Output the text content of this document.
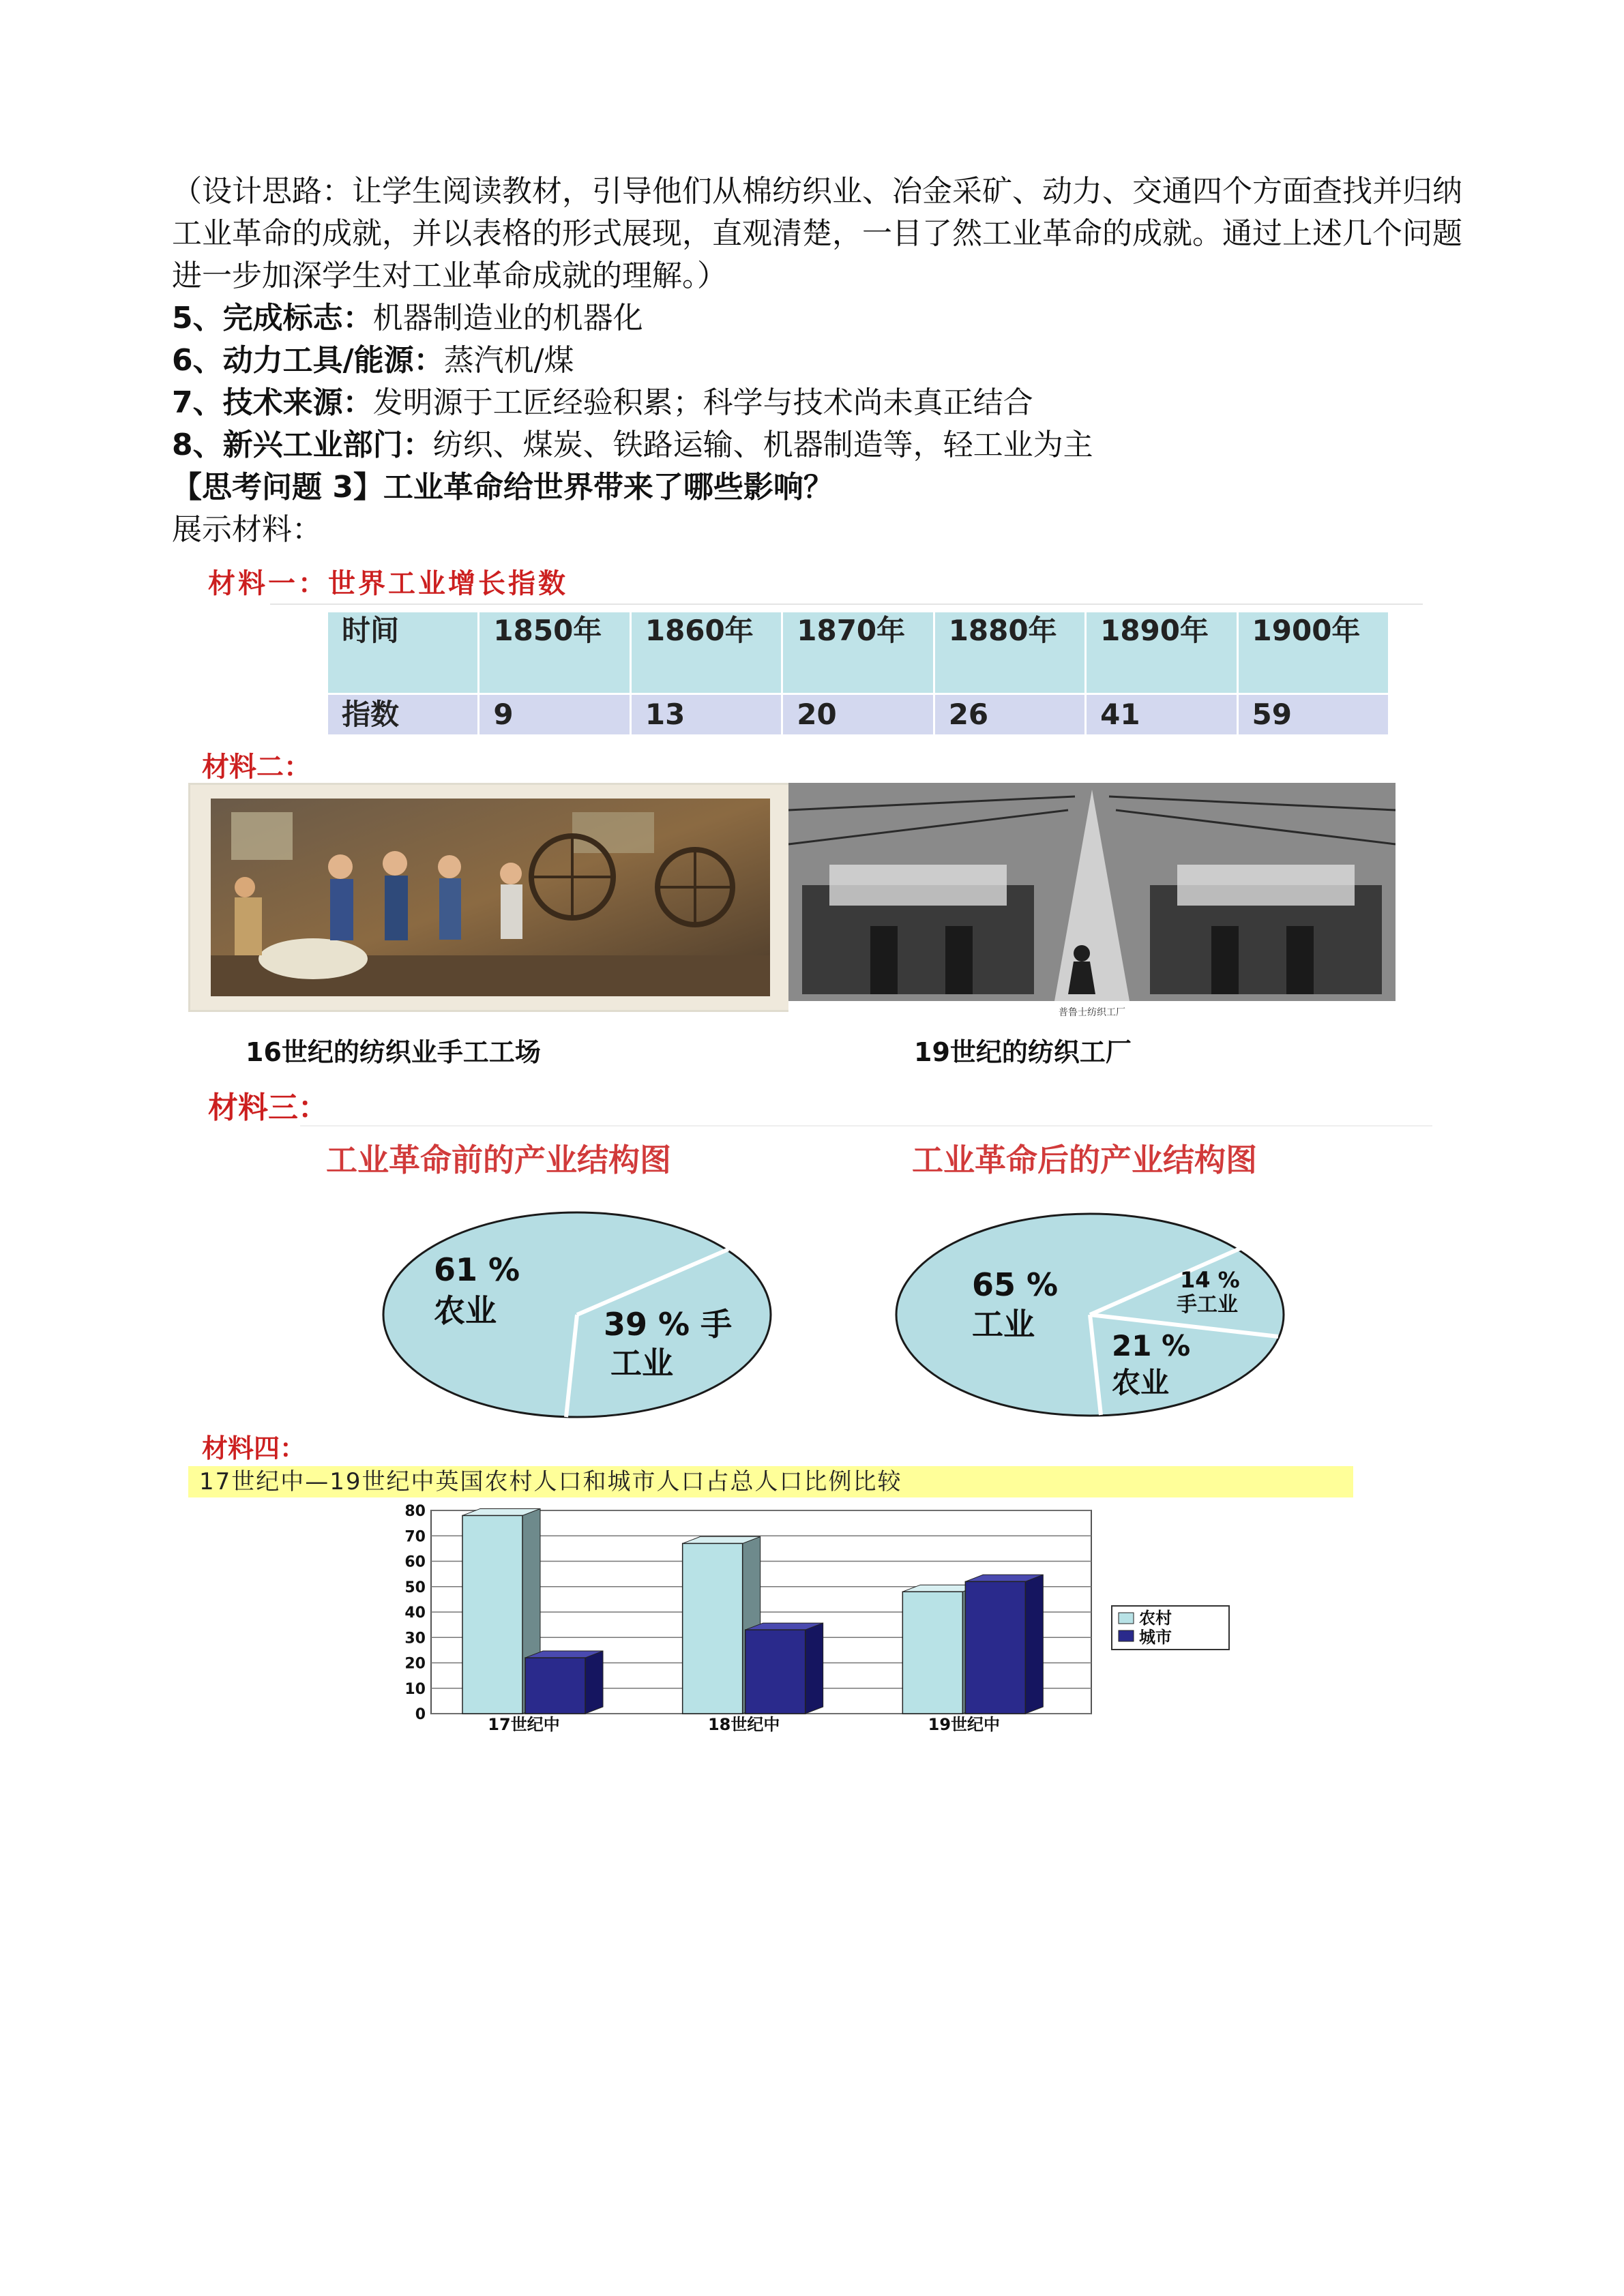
（设计思路：让学生阅读教材，引导他们从棉纺织业、冶金采矿、动力、交通四个方面查找并归纳工业革命的成就，并以表格的形式展现，直观清楚，一目了然工业革命的成就。通过上述几个问题进一步加深学生对工业革命成就的理解。）

5、完成标志：机器制造业的机器化

6、动力工具/能源：蒸汽机/煤

7、技术来源：发明源于工匠经验积累；科学与技术尚未真正结合

8、新兴工业部门：纺织、煤炭、铁路运输、机器制造等，轻工业为主

【思考问题 3】工业革命给世界带来了哪些影响？

展示材料：

材料一：世界工业增长指数
时间	1850年	1860年	1870年	1880年	1890年	1900年
指数	9	13	20	26	41	59
材料二：
普鲁士纺织工厂
16世纪的纺织业手工工场	19世纪的纺织工厂
材料三：
工业革命前的产业结构图	工业革命后的产业结构图
61 %
农业	39 % 手
工业
65 %
工业
14 %
手工业
21 %
农业
材料四：
17世纪中—19世纪中英国农村人口和城市人口占总人口比例比较
0
10
20
30
40
50
60
70
80
17世纪中	18世纪中	19世纪中
农村
城市
